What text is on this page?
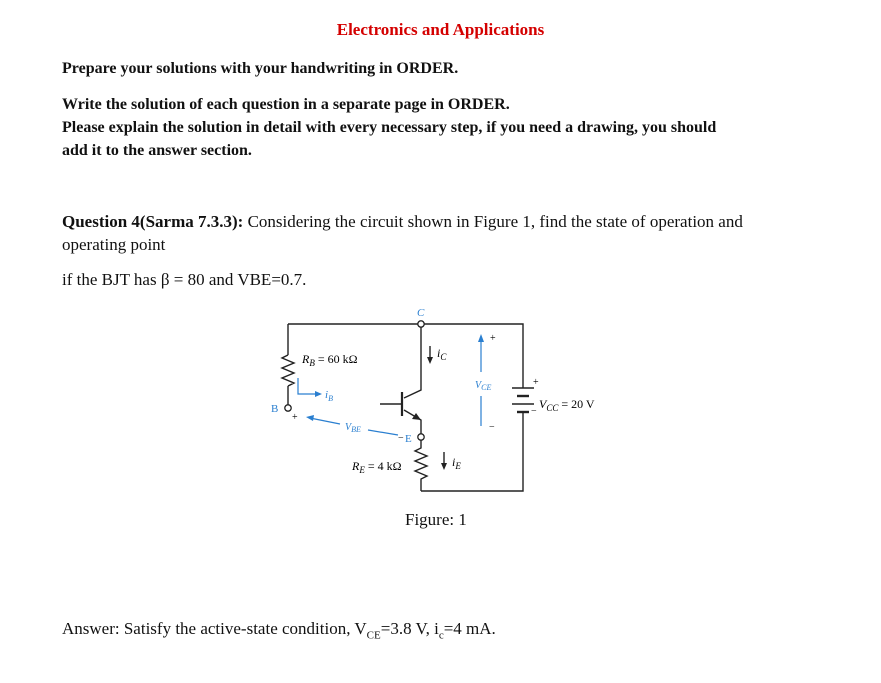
Electronics and Applications
Prepare your solutions with your handwriting in ORDER.
Write the solution of each question in a separate page in ORDER.
Please explain the solution in detail with every necessary step, if you need a drawing, you should
add it to the answer section.
Question 4(Sarma 7.3.3): Considering the circuit shown in Figure 1, find the state of operation and
operating point
if the BJT has β = 80 and VBE=0.7.
C
B
E
$R_B = 60$ kΩ
$R_E = 4$ kΩ
$i_C$
$i_B$
$i_E$
$V_{BE}$
$V_{CE}$
$V_{CC} = 20$ V
+
−
+
−
+
−
Figure: 1
Answer: Satisfy the active-state condition, $V_{CE}=3.8$ V, $i_c=4$ mA.
